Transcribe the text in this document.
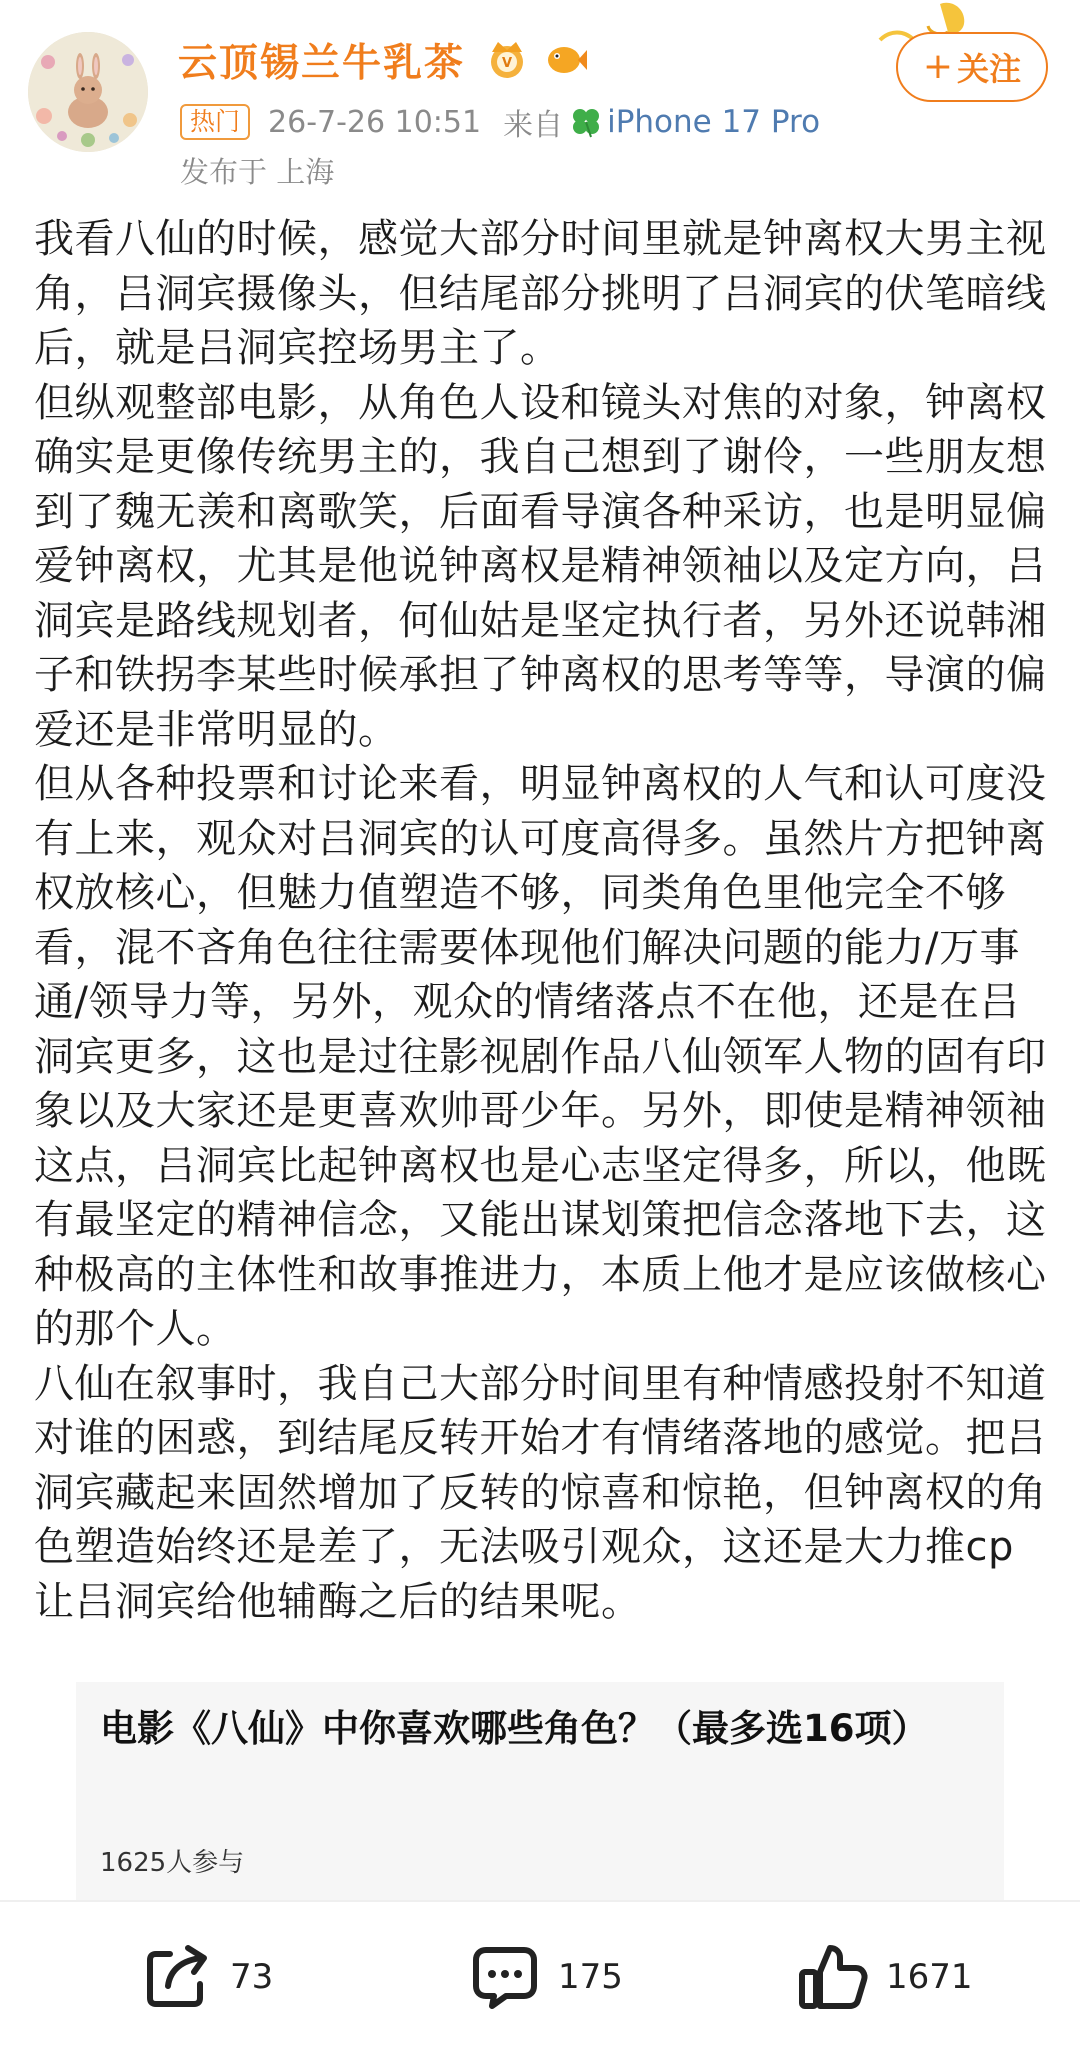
云顶锡兰牛乳茶	V
热门 26-7-26 10:51 来自 iPhone 17 Pro
发布于 上海
+ 关注

我看八仙的时候，感觉大部分时间里就是钟离权大男主视角，吕洞宾摄像头，但结尾部分挑明了吕洞宾的伏笔暗线后，就是吕洞宾控场男主了。

但纵观整部电影，从角色人设和镜头对焦的对象，钟离权确实是更像传统男主的，我自己想到了谢伶，一些朋友想到了魏无羡和离歌笑，后面看导演各种采访，也是明显偏爱钟离权，尤其是他说钟离权是精神领袖以及定方向，吕洞宾是路线规划者，何仙姑是坚定执行者，另外还说韩湘子和铁拐李某些时候承担了钟离权的思考等等，导演的偏爱还是非常明显的。

但从各种投票和讨论来看，明显钟离权的人气和认可度没有上来，观众对吕洞宾的认可度高得多。虽然片方把钟离权放核心，但魅力值塑造不够，同类角色里他完全不够看，混不吝角色往往需要体现他们解决问题的能力/万事通/领导力等，另外，观众的情绪落点不在他，还是在吕洞宾更多，这也是过往影视剧作品八仙领军人物的固有印象以及大家还是更喜欢帅哥少年。另外，即使是精神领袖这点，吕洞宾比起钟离权也是心志坚定得多，所以，他既有最坚定的精神信念，又能出谋划策把信念落地下去，这种极高的主体性和故事推进力，本质上他才是应该做核心的那个人。

八仙在叙事时，我自己大部分时间里有种情感投射不知道对谁的困惑，到结尾反转开始才有情绪落地的感觉。把吕洞宾藏起来固然增加了反转的惊喜和惊艳，但钟离权的角色塑造始终还是差了，无法吸引观众，这还是大力推cp让吕洞宾给他辅酶之后的结果呢。

电影《八仙》中你喜欢哪些角色？（最多选16项）
1625人参与
73	175	1671
